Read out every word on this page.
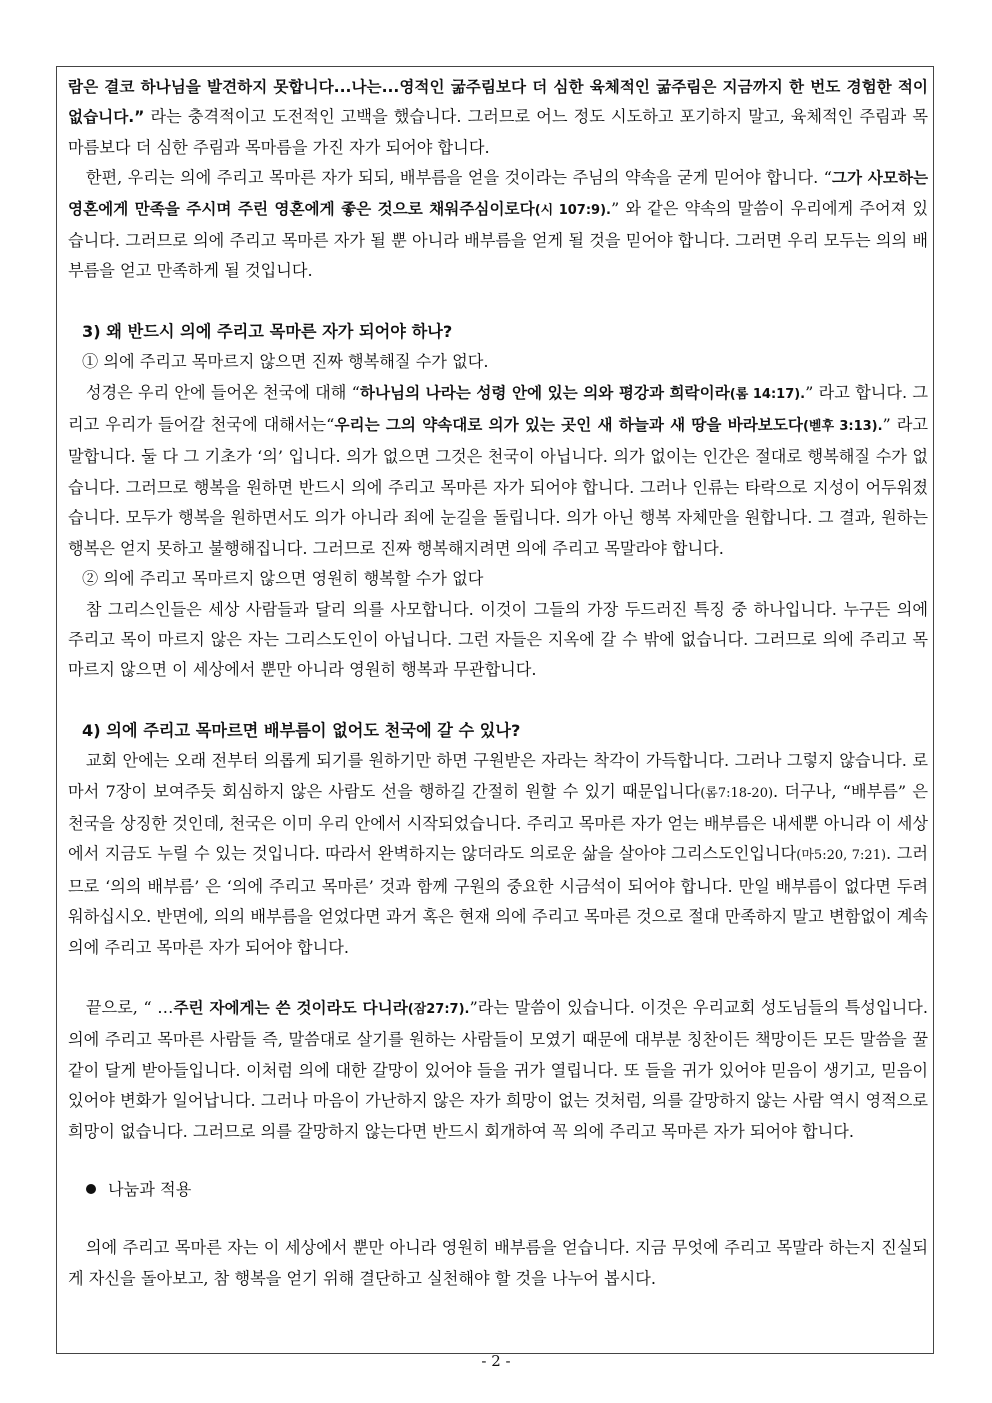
람은 결코 하나님을 발견하지 못합니다...나는...영적인 굶주림보다 더 심한 육체적인 굶주림은 지금까지 한 번도 경험한 적이 없습니다.” 라는 충격적이고 도전적인 고백을 했습니다. 그러므로 어느 정도 시도하고 포기하지 말고, 육체적인 주림과 목마름보다 더 심한 주림과 목마름을 가진 자가 되어야 합니다.

한편, 우리는 의에 주리고 목마른 자가 되되, 배부름을 얻을 것이라는 주님의 약속을 굳게 믿어야 합니다. “그가 사모하는 영혼에게 만족을 주시며 주린 영혼에게 좋은 것으로 채워주심이로다(시 107:9).” 와 같은 약속의 말씀이 우리에게 주어져 있습니다. 그러므로 의에 주리고 목마른 자가 될 뿐 아니라 배부름을 얻게 될 것을 믿어야 합니다. 그러면 우리 모두는 의의 배부름을 얻고 만족하게 될 것입니다.

3) 왜 반드시 의에 주리고 목마른 자가 되어야 하나?

① 의에 주리고 목마르지 않으면 진짜 행복해질 수가 없다.

성경은 우리 안에 들어온 천국에 대해 “하나님의 나라는 성령 안에 있는 의와 평강과 희락이라(롬 14:17).” 라고 합니다. 그리고 우리가 들어갈 천국에 대해서는“우리는 그의 약속대로 의가 있는 곳인 새 하늘과 새 땅을 바라보도다(벧후 3:13).” 라고 말합니다. 둘 다 그 기초가 ‘의’ 입니다. 의가 없으면 그것은 천국이 아닙니다. 의가 없이는 인간은 절대로 행복해질 수가 없습니다. 그러므로 행복을 원하면 반드시 의에 주리고 목마른 자가 되어야 합니다. 그러나 인류는 타락으로 지성이 어두워졌습니다. 모두가 행복을 원하면서도 의가 아니라 죄에 눈길을 돌립니다. 의가 아닌 행복 자체만을 원합니다. 그 결과, 원하는 행복은 얻지 못하고 불행해집니다. 그러므로 진짜 행복해지려면 의에 주리고 목말라야 합니다.

② 의에 주리고 목마르지 않으면 영원히 행복할 수가 없다

참 그리스인들은 세상 사람들과 달리 의를 사모합니다. 이것이 그들의 가장 두드러진 특징 중 하나입니다. 누구든 의에 주리고 목이 마르지 않은 자는 그리스도인이 아닙니다. 그런 자들은 지옥에 갈 수 밖에 없습니다. 그러므로 의에 주리고 목마르지 않으면 이 세상에서 뿐만 아니라 영원히 행복과 무관합니다.

4) 의에 주리고 목마르면 배부름이 없어도 천국에 갈 수 있나?

교회 안에는 오래 전부터 의롭게 되기를 원하기만 하면 구원받은 자라는 착각이 가득합니다. 그러나 그렇지 않습니다. 로마서 7장이 보여주듯 회심하지 않은 사람도 선을 행하길 간절히 원할 수 있기 때문입니다(롬7:18-20). 더구나, “배부름” 은 천국을 상징한 것인데, 천국은 이미 우리 안에서 시작되었습니다. 주리고 목마른 자가 얻는 배부름은 내세뿐 아니라 이 세상에서 지금도 누릴 수 있는 것입니다. 따라서 완벽하지는 않더라도 의로운 삶을 살아야 그리스도인입니다(마5:20, 7:21). 그러므로 ‘의의 배부름’ 은 ‘의에 주리고 목마른’ 것과 함께 구원의 중요한 시금석이 되어야 합니다. 만일 배부름이 없다면 두려워하십시오. 반면에, 의의 배부름을 얻었다면 과거 혹은 현재 의에 주리고 목마른 것으로 절대 만족하지 말고 변함없이 계속 의에 주리고 목마른 자가 되어야 합니다.

끝으로, “ …주린 자에게는 쓴 것이라도 다니라(잠27:7).”라는 말씀이 있습니다. 이것은 우리교회 성도님들의 특성입니다. 의에 주리고 목마른 사람들 즉, 말씀대로 살기를 원하는 사람들이 모였기 때문에 대부분 칭찬이든 책망이든 모든 말씀을 꿀같이 달게 받아들입니다. 이처럼 의에 대한 갈망이 있어야 들을 귀가 열립니다. 또 들을 귀가 있어야 믿음이 생기고, 믿음이 있어야 변화가 일어납니다. 그러나 마음이 가난하지 않은 자가 희망이 없는 것처럼, 의를 갈망하지 않는 사람 역시 영적으로 희망이 없습니다. 그러므로 의를 갈망하지 않는다면 반드시 회개하여 꼭 의에 주리고 목마른 자가 되어야 합니다.

나눔과 적용

의에 주리고 목마른 자는 이 세상에서 뿐만 아니라 영원히 배부름을 얻습니다. 지금 무엇에 주리고 목말라 하는지 진실되게 자신을 돌아보고, 참 행복을 얻기 위해 결단하고 실천해야 할 것을 나누어 봅시다.

- 2 -
